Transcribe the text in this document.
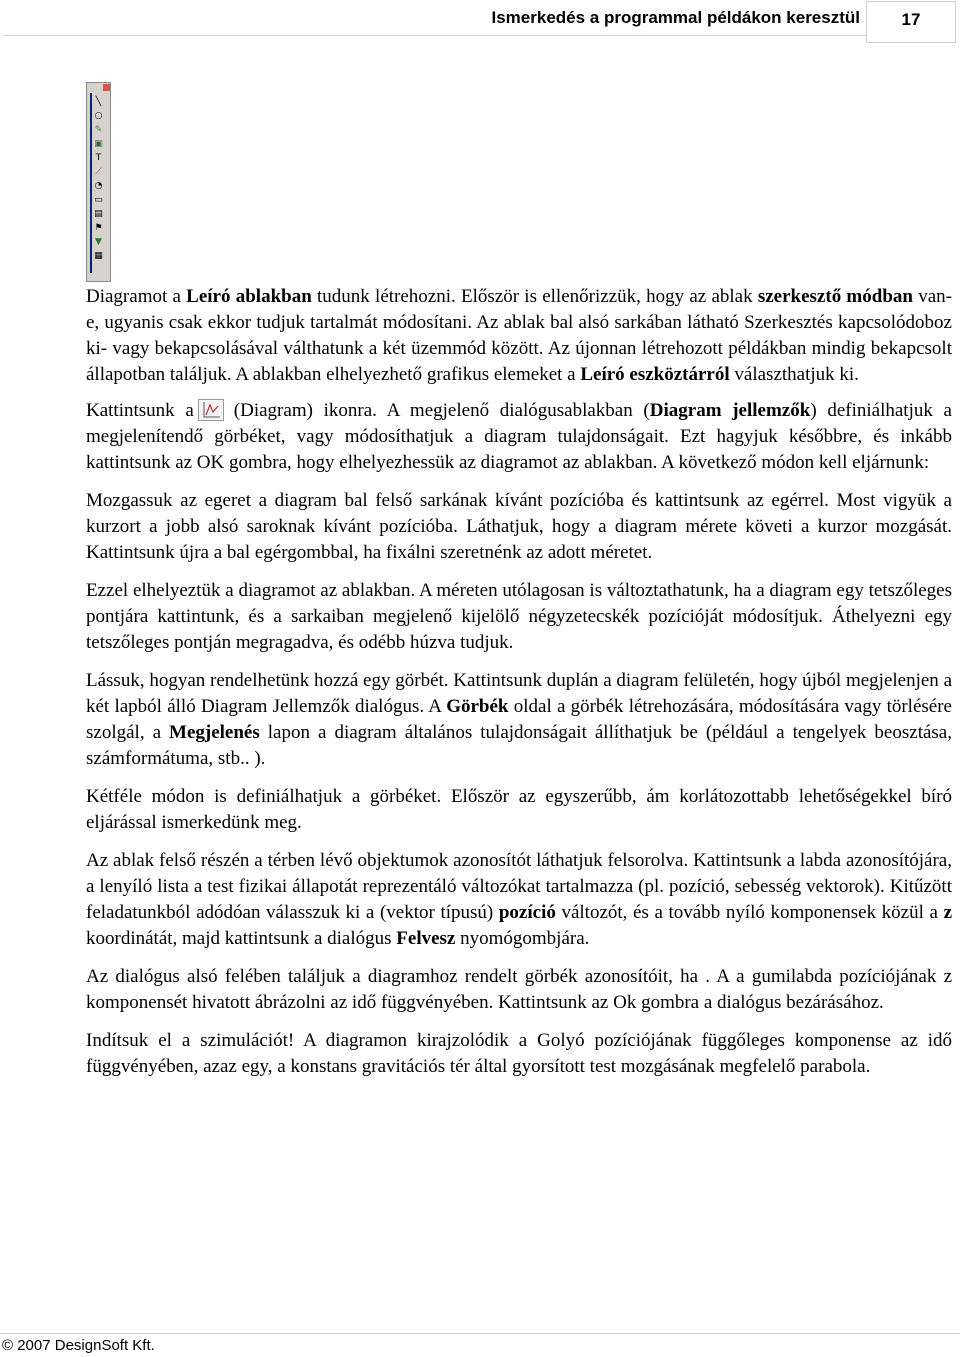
Ismerkedés a programmal példákon keresztül	17
╲
○
✎
▣
T
⟋
◔
▭
▤
⚑
▼
▦

Diagramot a Leíró ablakban tudunk létrehozni. Először is ellenőrizzük, hogy az ablak szerkesztő módban van-e, ugyanis csak ekkor tudjuk tartalmát módosítani. Az ablak bal alsó sarkában látható Szerkesztés kapcsolódoboz ki- vagy bekapcsolásával válthatunk a két üzemmód között. Az újonnan létrehozott példákban mindig bekapcsolt állapotban találjuk. A ablakban elhelyezhető grafikus elemeket a Leíró eszköztárról választhatjuk ki.

Kattintsunk a (Diagram) ikonra. A megjelenő dialógusablakban (Diagram jellemzők) definiálhatjuk a megjelenítendő görbéket, vagy módosíthatjuk a diagram tulajdonságait. Ezt hagyjuk későbbre, és inkább kattintsunk az OK gombra, hogy elhelyezhessük az diagramot az ablakban. A következő módon kell eljárnunk:

Mozgassuk az egeret a diagram bal felső sarkának kívánt pozícióba és kattintsunk az egérrel. Most vigyük a kurzort a jobb alsó saroknak kívánt pozícióba. Láthatjuk, hogy a diagram mérete követi a kurzor mozgását. Kattintsunk újra a bal egérgombbal, ha fixálni szeretnénk az adott méretet.

Ezzel elhelyeztük a diagramot az ablakban. A méreten utólagosan is változtathatunk, ha a diagram egy tetszőleges pontjára kattintunk, és a sarkaiban megjelenő kijelölő négyzetecskék pozícióját módosítjuk. Áthelyezni egy tetszőleges pontján megragadva, és odébb húzva tudjuk.

Lássuk, hogyan rendelhetünk hozzá egy görbét. Kattintsunk duplán a diagram felületén, hogy újból megjelenjen a két lapból álló Diagram Jellemzők dialógus. A Görbék oldal a görbék létrehozására, módosítására vagy törlésére szolgál, a Megjelenés lapon a diagram általános tulajdonságait állíthatjuk be (például a tengelyek beosztása, számformátuma, stb.. ).

Kétféle módon is definiálhatjuk a görbéket. Először az egyszerűbb, ám korlátozottabb lehetőségekkel bíró eljárással ismerkedünk meg.

Az ablak felső részén a térben lévő objektumok azonosítót láthatjuk felsorolva. Kattintsunk a labda azonosítójára, a lenyíló lista a test fizikai állapotát reprezentáló változókat tartalmazza (pl. pozíció, sebesség vektorok). Kitűzött feladatunkból adódóan válasszuk ki a (vektor típusú) pozíció változót, és a tovább nyíló komponensek közül a z koordinátát, majd kattintsunk a dialógus Felvesz nyomógombjára.

Az dialógus alsó felében találjuk a diagramhoz rendelt görbék azonosítóit, ha . A a gumilabda pozíciójának z komponensét hivatott ábrázolni az idő függvényében. Kattintsunk az Ok gombra a dialógus bezárásához.

Indítsuk el a szimulációt! A diagramon kirajzolódik a Golyó pozíciójának függőleges komponense az idő függvényében, azaz egy, a konstans gravitációs tér által gyorsított test mozgásának megfelelő parabola.

© 2007 DesignSoft Kft.
